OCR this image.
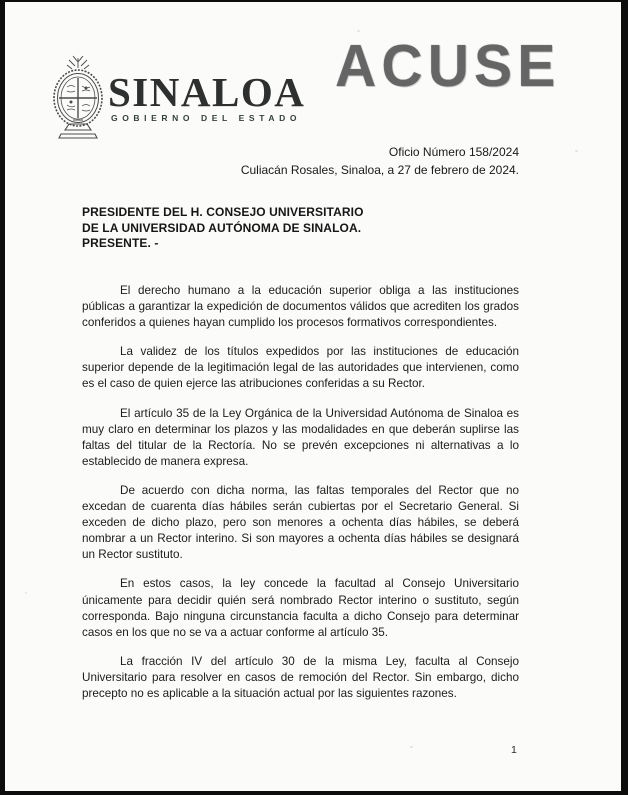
SINALOA
GOBIERNO DEL ESTADO
ACUSE
Oficio Número 158/2024
Culiacán Rosales, Sinaloa, a 27 de febrero de 2024.
PRESIDENTE DEL H. CONSEJO UNIVERSITARIO
DE LA UNIVERSIDAD AUTÓNOMA DE SINALOA.
PRESENTE. -

El derecho humano a la educación superior obliga a las instituciones públicas a garantizar la expedición de documentos válidos que acrediten los grados conferidos a quienes hayan cumplido los procesos formativos correspondientes.

La validez de los títulos expedidos por las instituciones de educación superior depende de la legitimación legal de las autoridades que intervienen, como es el caso de quien ejerce las atribuciones conferidas a su Rector.

El artículo 35 de la Ley Orgánica de la Universidad Autónoma de Sinaloa es muy claro en determinar los plazos y las modalidades en que deberán suplirse las faltas del titular de la Rectoría. No se prevén excepciones ni alternativas a lo establecido de manera expresa.

De acuerdo con dicha norma, las faltas temporales del Rector que no excedan de cuarenta días hábiles serán cubiertas por el Secretario General. Si exceden de dicho plazo, pero son menores a ochenta días hábiles, se deberá nombrar a un Rector interino. Si son mayores a ochenta días hábiles se designará un Rector sustituto.

En estos casos, la ley concede la facultad al Consejo Universitario únicamente para decidir quién será nombrado Rector interino o sustituto, según corresponda. Bajo ninguna circunstancia faculta a dicho Consejo para determinar casos en los que no se va a actuar conforme al artículo 35.

La fracción IV del artículo 30 de la misma Ley, faculta al Consejo Universitario para resolver en casos de remoción del Rector. Sin embargo, dicho precepto no es aplicable a la situación actual por las siguientes razones.

1
